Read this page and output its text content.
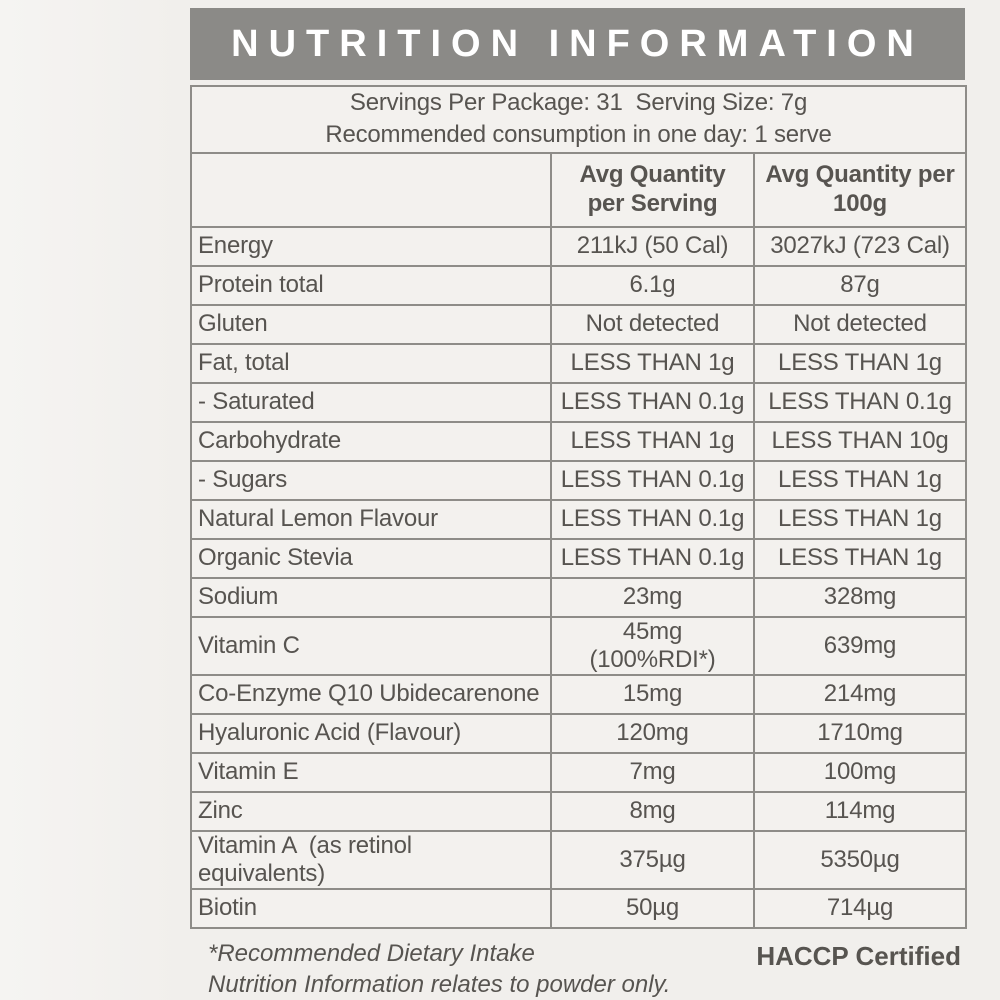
NUTRITION INFORMATION
Servings Per Package: 31  Serving Size: 7g
Recommended consumption in one day: 1 serve		

	Avg Quantity per Serving	Avg Quantity per 100g
Energy	211kJ (50 Cal)	3027kJ (723 Cal)
Protein total	6.1g	87g
Gluten	Not detected	Not detected
Fat, total	LESS THAN 1g	LESS THAN 1g
- Saturated	LESS THAN 0.1g	LESS THAN 0.1g
Carbohydrate	LESS THAN 1g	LESS THAN 10g
- Sugars	LESS THAN 0.1g	LESS THAN 1g
Natural Lemon Flavour	LESS THAN 0.1g	LESS THAN 1g
Organic Stevia	LESS THAN 0.1g	LESS THAN 1g
Sodium	23mg	328mg
Vitamin C	45mg (100%RDI*)	639mg
Co-Enzyme Q10 Ubidecarenone	15mg	214mg
Hyaluronic Acid (Flavour)	120mg	1710mg
Vitamin E	7mg	100mg
Zinc	8mg	114mg
Vitamin A  (as retinol equivalents)	375µg	5350µg
Biotin	50µg	714µg
*Recommended Dietary Intake
Nutrition Information relates to powder only.
HACCP Certified
